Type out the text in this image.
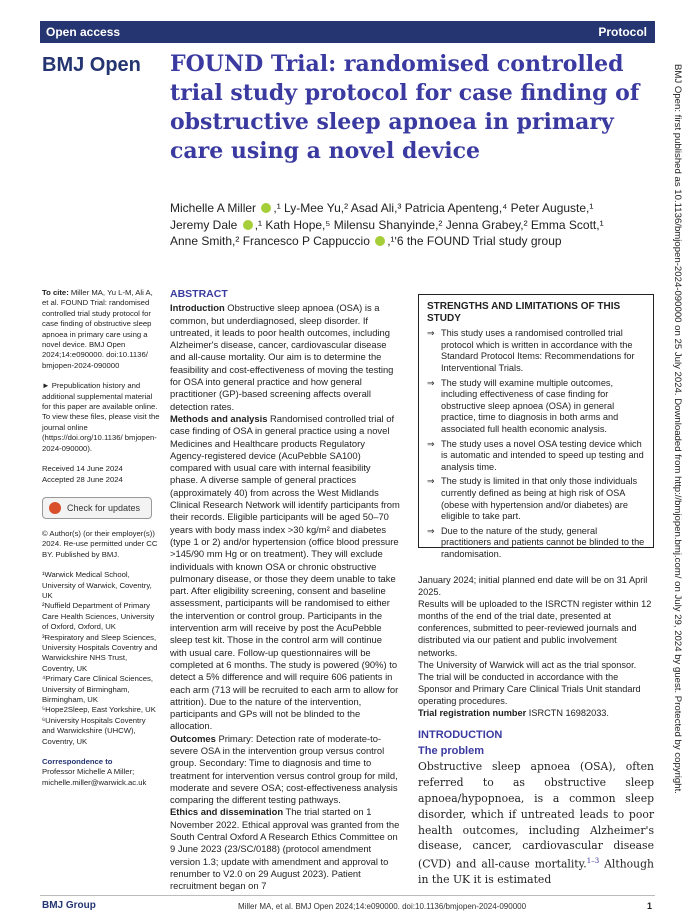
Open access	Protocol
BMJ Open FOUND Trial: randomised controlled trial study protocol for case finding of obstructive sleep apnoea in primary care using a novel device
Michelle A Miller ,¹ Ly-Mee Yu,² Asad Ali,³ Patricia Apenteng,⁴ Peter Auguste,¹
Jeremy Dale ,¹ Kath Hope,⁵ Milensu Shanyinde,² Jenna Grabey,² Emma Scott,¹
Anne Smith,² Francesco P Cappuccio ,¹ʹ6 the FOUND Trial study group	BMJ Open: first published as 10.1136/bmjopen-2024-090000 on 25 July 2024. Downloaded from http://bmjopen.bmj.com/ on July 29, 2024 by guest. Protected by copyright.

To cite: Miller MA, Yu L-M, Ali A, et al. FOUND Trial: randomised controlled trial study protocol for case finding of obstructive sleep apnoea in primary care using a novel device. BMJ Open 2024;14:e090000. doi:10.1136/ bmjopen-2024-090000

► Prepublication history and additional supplemental material for this paper are available online. To view these files, please visit the journal online (https://doi.org/10.1136/ bmjopen-2024-090000).

Received 14 June 2024

Accepted 28 June 2024

Check for updates

© Author(s) (or their employer(s)) 2024. Re-use permitted under CC BY. Published by BMJ.

¹Warwick Medical School, University of Warwick, Coventry, UK
²Nuffield Department of Primary Care Health Sciences, University of Oxford, Oxford, UK
³Respiratory and Sleep Sciences, University Hospitals Coventry and Warwickshire NHS Trust, Coventry, UK
⁴Primary Care Clinical Sciences, University of Birmingham, Birmingham, UK
⁵Hope2Sleep, East Yorkshire, UK

⁶University Hospitals Coventry and Warwickshire (UHCW), Coventry, UK

Correspondence to
Professor Michelle A Miller;
michelle.miller@warwick.ac.uk
ABSTRACT

Introduction Obstructive sleep apnoea (OSA) is a common, but underdiagnosed, sleep disorder. If untreated, it leads to poor health outcomes, including Alzheimer's disease, cancer, cardiovascular disease and all-cause mortality. Our aim is to determine the feasibility and cost-effectiveness of moving the testing for OSA into general practice and how general practitioner (GP)-based screening affects overall detection rates.

Methods and analysis Randomised controlled trial of case finding of OSA in general practice using a novel Medicines and Healthcare products Regulatory Agency-registered device (AcuPebble SA100) compared with usual care with internal feasibility phase. A diverse sample of general practices (approximately 40) from across the West Midlands Clinical Research Network will identify participants from their records. Eligible participants will be aged 50–70 years with body mass index >30 kg/m² and diabetes (type 1 or 2) and/or hypertension (office blood pressure >145/90 mm Hg or on treatment). They will exclude individuals with known OSA or chronic obstructive pulmonary disease, or those they deem unable to take part. After eligibility screening, consent and baseline assessment, participants will be randomised to either the intervention or control group. Participants in the intervention arm will receive by post the AcuPebble sleep test kit. Those in the control arm will continue with usual care. Follow-up questionnaires will be completed at 6 months. The study is powered (90%) to detect a 5% difference and will require 606 patients in each arm (713 will be recruited to each arm to allow for attrition). Due to the nature of the intervention, participants and GPs will not be blinded to the allocation.

Outcomes Primary: Detection rate of moderate-to-severe OSA in the intervention group versus control group. Secondary: Time to diagnosis and time to treatment for intervention versus control group for mild, moderate and severe OSA; cost-effectiveness analysis comparing the different testing pathways.

Ethics and dissemination The trial started on 1 November 2022. Ethical approval was granted from the South Central Oxford A Research Ethics Committee on 9 June 2023 (23/SC/0188) (protocol amendment version 1.3; update with amendment and approval to renumber to V2.0 on 29 August 2023). Patient recruitment began on 7

STRENGTHS AND LIMITATIONS OF THIS STUDY
⇒ This study uses a randomised controlled trial protocol which is written in accordance with the Standard Protocol Items: Recommendations for Interventional Trials.
⇒ The study will examine multiple outcomes, including effectiveness of case finding for obstructive sleep apnoea (OSA) in general practice, time to diagnosis in both arms and associated full health economic analysis.
⇒ The study uses a novel OSA testing device which is automatic and intended to speed up testing and analysis time.
⇒ The study is limited in that only those individuals currently defined as being at high risk of OSA (obese with hypertension and/or diabetes) are eligible to take part.
⇒ Due to the nature of the study, general practitioners and patients cannot be blinded to the randomisation.

January 2024; initial planned end date will be on 31 April 2025.

Results will be uploaded to the ISRCTN register within 12 months of the end of the trial date, presented at conferences, submitted to peer-reviewed journals and distributed via our patient and public involvement networks.

The University of Warwick will act as the trial sponsor. The trial will be conducted in accordance with the Sponsor and Primary Care Clinical Trials Unit standard operating procedures.

Trial registration number ISRCTN 16982033.

INTRODUCTION
The problem

Obstructive sleep apnoea (OSA), often referred to as obstructive sleep apnoea/hypopnoea, is a common sleep disorder, which if untreated leads to poor health outcomes, including Alzheimer's disease, cancer, cardiovascular disease (CVD) and all-cause mortality.$^{1-3}$ Although in the UK it is estimated

BMJ Group	Miller MA, et al. BMJ Open 2024;14:e090000. doi:10.1136/bmjopen-2024-090000	1
